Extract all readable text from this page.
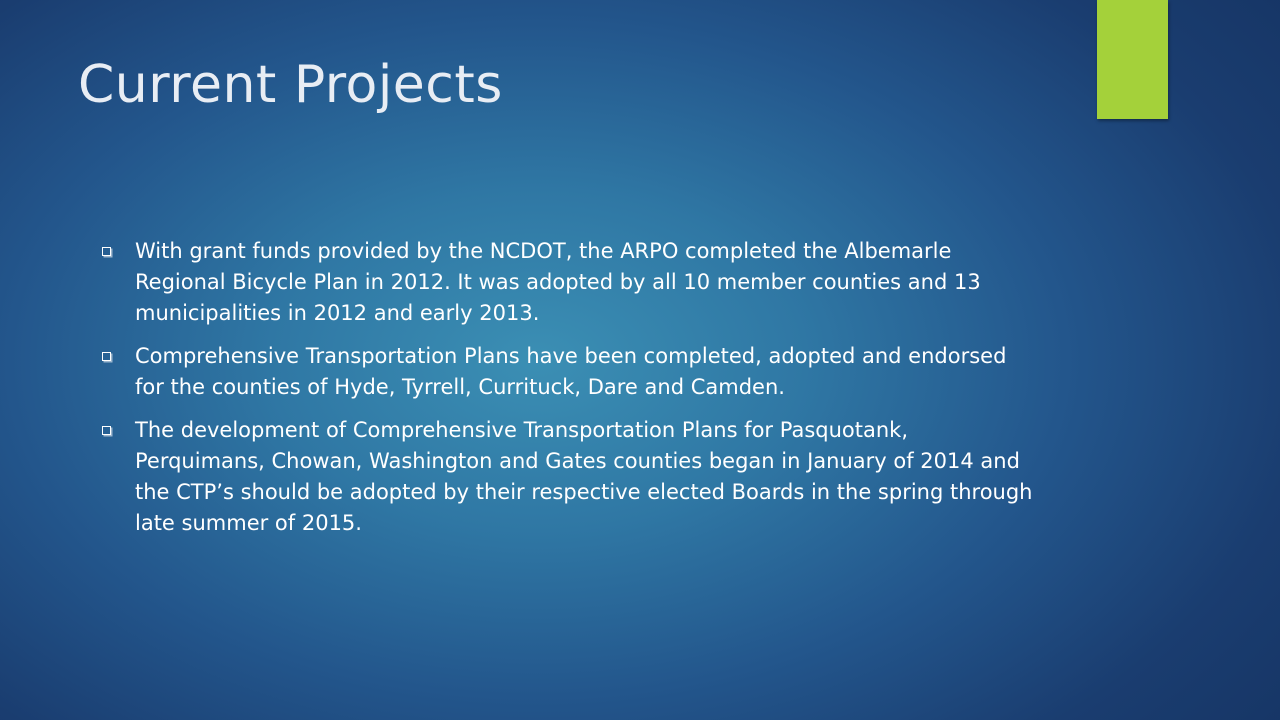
Current Projects
With grant funds provided by the NCDOT, the ARPO completed the Albemarle Regional Bicycle Plan in 2012. It was adopted by all 10 member counties and 13 municipalities in 2012 and early 2013.
Comprehensive Transportation Plans have been completed, adopted and endorsed for the counties of Hyde, Tyrrell, Currituck, Dare and Camden.
The development of Comprehensive Transportation Plans for Pasquotank, Perquimans, Chowan, Washington and Gates counties began in January of 2014 and the CTP’s should be adopted by their respective elected Boards in the spring through late summer of 2015.
